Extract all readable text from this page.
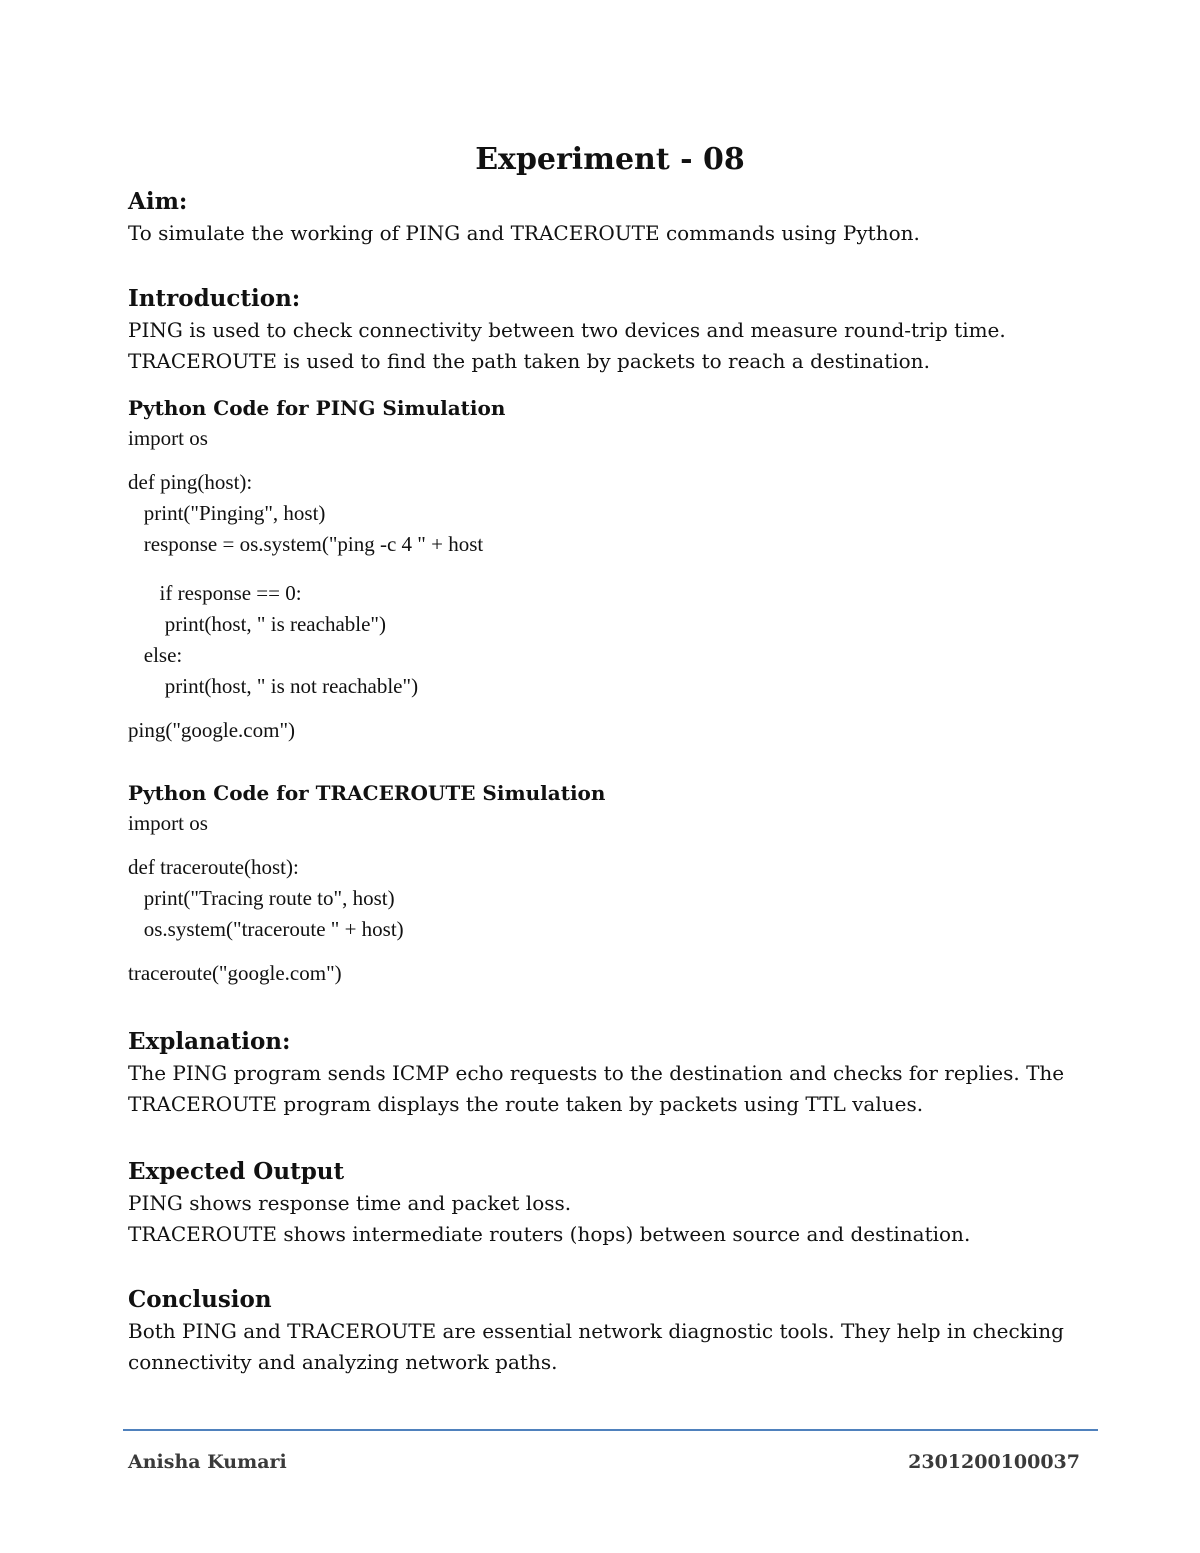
Experiment - 08

Aim:

To simulate the working of PING and TRACEROUTE commands using Python.

Introduction:

PING is used to check connectivity between two devices and measure round-trip time.

TRACEROUTE is used to find the path taken by packets to reach a destination.

Python Code for PING Simulation

import os

def ping(host):

print("Pinging", host)

response = os.system("ping -c 4 " + host

if response == 0:

print(host, " is reachable")

else:

print(host, " is not reachable")

ping("google.com")

Python Code for TRACEROUTE Simulation

import os

def traceroute(host):

print("Tracing route to", host)

os.system("traceroute " + host)

traceroute("google.com")

Explanation:

The PING program sends ICMP echo requests to the destination and checks for replies. The

TRACEROUTE program displays the route taken by packets using TTL values.

Expected Output

PING shows response time and packet loss.

TRACEROUTE shows intermediate routers (hops) between source and destination.

Conclusion

Both PING and TRACEROUTE are essential network diagnostic tools. They help in checking

connectivity and analyzing network paths.

Anisha Kumari	2301200100037
